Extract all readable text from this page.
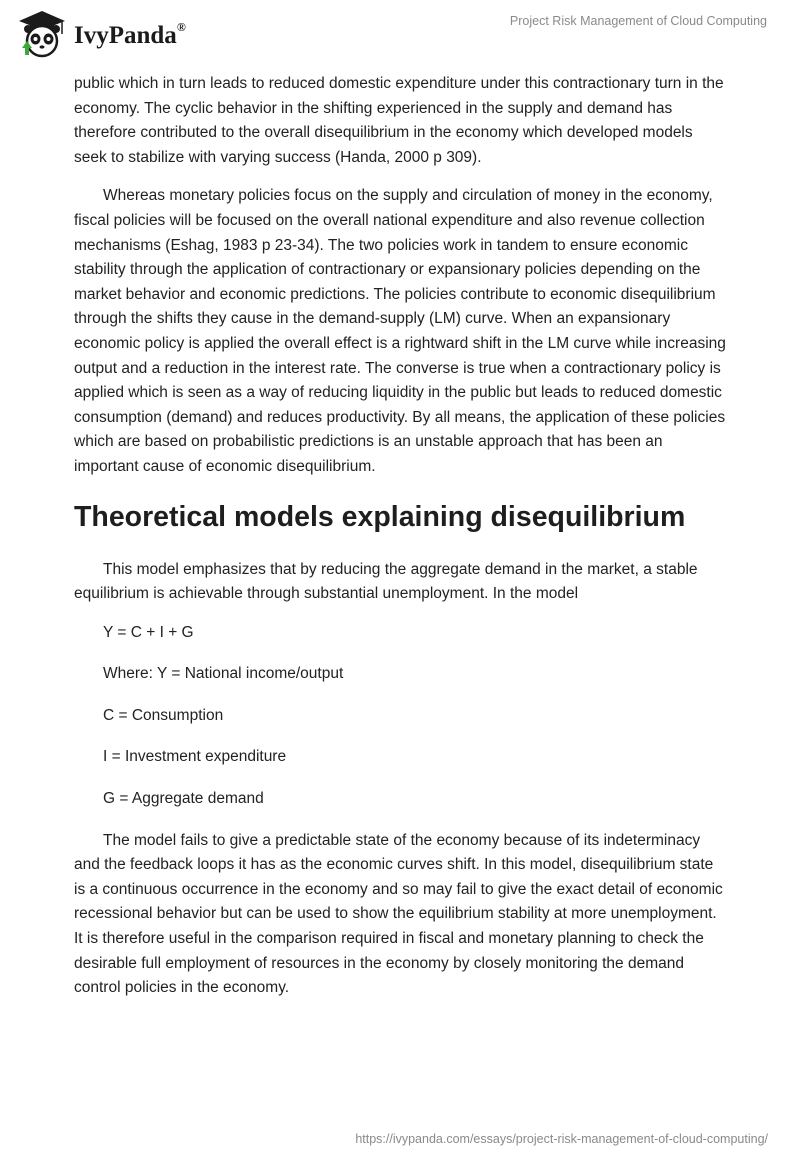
IvyPanda®	Project Risk Management of Cloud Computing

public which in turn leads to reduced domestic expenditure under this contractionary turn in the economy. The cyclic behavior in the shifting experienced in the supply and demand has therefore contributed to the overall disequilibrium in the economy which developed models seek to stabilize with varying success (Handa, 2000 p 309).

Whereas monetary policies focus on the supply and circulation of money in the economy, fiscal policies will be focused on the overall national expenditure and also revenue collection mechanisms (Eshag, 1983 p 23-34). The two policies work in tandem to ensure economic stability through the application of contractionary or expansionary policies depending on the market behavior and economic predictions. The policies contribute to economic disequilibrium through the shifts they cause in the demand-supply (LM) curve. When an expansionary economic policy is applied the overall effect is a rightward shift in the LM curve while increasing output and a reduction in the interest rate. The converse is true when a contractionary policy is applied which is seen as a way of reducing liquidity in the public but leads to reduced domestic consumption (demand) and reduces productivity. By all means, the application of these policies which are based on probabilistic predictions is an unstable approach that has been an important cause of economic disequilibrium.

Theoretical models explaining disequilibrium

This model emphasizes that by reducing the aggregate demand in the market, a stable equilibrium is achievable through substantial unemployment. In the model

Y = C + I + G

Where: Y = National income/output

C = Consumption

I = Investment expenditure

G = Aggregate demand

The model fails to give a predictable state of the economy because of its indeterminacy and the feedback loops it has as the economic curves shift. In this model, disequilibrium state is a continuous occurrence in the economy and so may fail to give the exact detail of economic recessional behavior but can be used to show the equilibrium stability at more unemployment. It is therefore useful in the comparison required in fiscal and monetary planning to check the desirable full employment of resources in the economy by closely monitoring the demand control policies in the economy.

https://ivypanda.com/essays/project-risk-management-of-cloud-computing/
